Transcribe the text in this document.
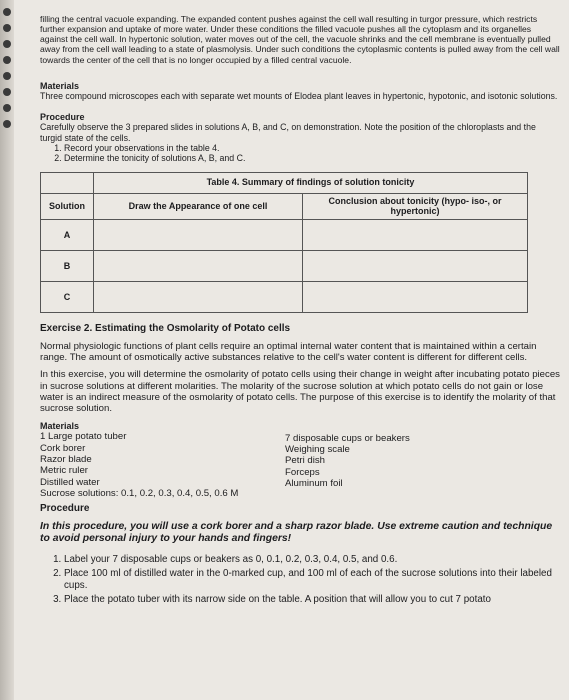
filling the central vacuole expanding. The expanded content pushes against the cell wall resulting in turgor pressure, which restricts further expansion and uptake of more water. Under these conditions the filled vacuole pushes all the cytoplasm and its organelles against the cell wall. In hypertonic solution, water moves out of the cell, the vacuole shrinks and the cell membrane is eventually pulled away from the cell wall leading to a state of plasmolysis. Under such conditions the cytoplasmic contents is pulled away from the cell wall towards the center of the cell that is no longer occupied by a filled central vacuole.

Materials

Three compound microscopes each with separate wet mounts of Elodea plant leaves in hypertonic, hypotonic, and isotonic solutions.

Procedure

Carefully observe the 3 prepared slides in solutions A, B, and C, on demonstration. Note the position of the chloroplasts and the turgid state of the cells.

1. Record your observations in the table 4.
2. Determine the tonicity of solutions A, B, and C.
	Table 4. Summary of findings of solution tonicity	
Solution	Draw the Appearance of one cell	Conclusion about tonicity (hypo- iso-, or hypertonic)
A		
B		
C		

Exercise 2. Estimating the Osmolarity of Potato cells

Normal physiologic functions of plant cells require an optimal internal water content that is maintained within a certain range. The amount of osmotically active substances relative to the cell's water content is different for different cells.

In this exercise, you will determine the osmolarity of potato cells using their change in weight after incubating potato pieces in sucrose solutions at different molarities. The molarity of the sucrose solution at which potato cells do not gain or lose water is an indirect measure of the osmolarity of potato cells. The purpose of this exercise is to identify the molarity of that sucrose solution.

Materials
1 Large potato tuber
Cork borer
Razor blade
Metric ruler
Distilled water
Sucrose solutions: 0.1, 0.2, 0.3, 0.4, 0.5, 0.6 M
7 disposable cups or beakers
Weighing scale
Petri dish
Forceps
Aluminum foil

Procedure

In this procedure, you will use a cork borer and a sharp razor blade. Use extreme caution and technique to avoid personal injury to your hands and fingers!

1. Label your 7 disposable cups or beakers as 0, 0.1, 0.2, 0.3, 0.4, 0.5, and 0.6.
2. Place 100 ml of distilled water in the 0-marked cup, and 100 ml of each of the sucrose solutions into their labeled cups.
3. Place the potato tuber with its narrow side on the table. A position that will allow you to cut 7 potato
